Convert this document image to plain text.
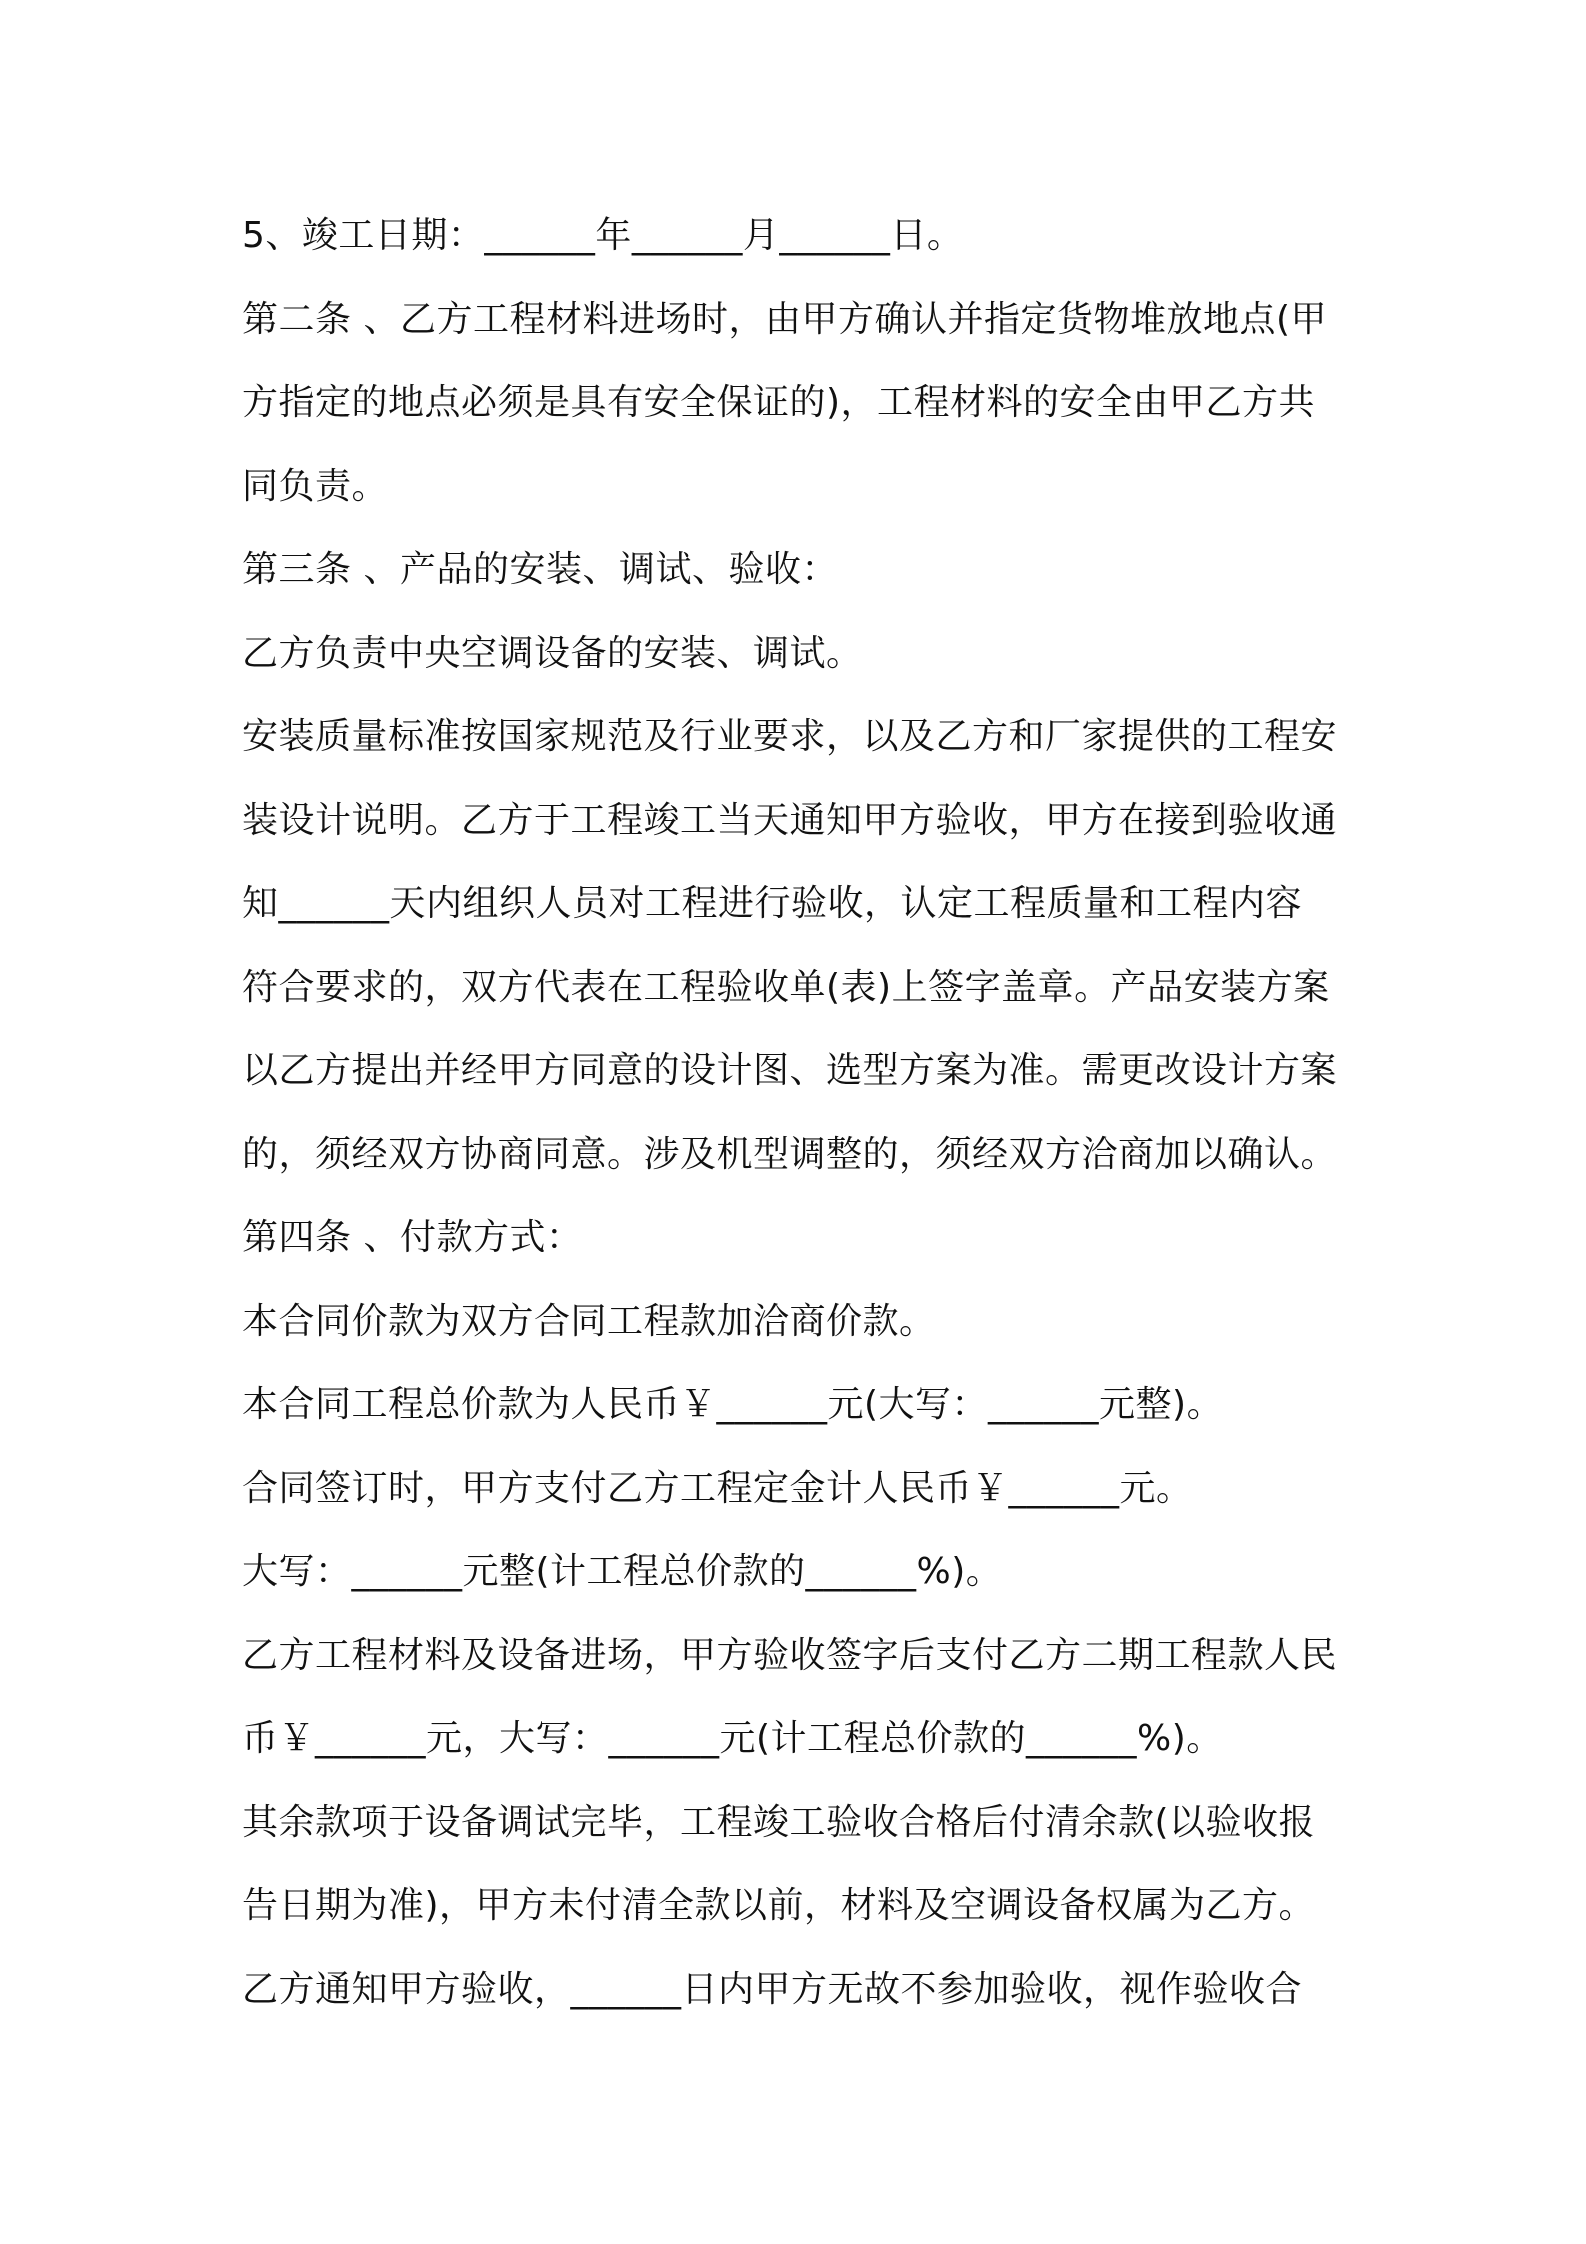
5、竣工日期：______年______月______日。
第二条 、乙方工程材料进场时，由甲方确认并指定货物堆放地点(甲
方指定的地点必须是具有安全保证的)，工程材料的安全由甲乙方共
同负责。
第三条 、产品的安装、调试、验收：
乙方负责中央空调设备的安装、调试。
安装质量标准按国家规范及行业要求，以及乙方和厂家提供的工程安
装设计说明。乙方于工程竣工当天通知甲方验收，甲方在接到验收通
知______天内组织人员对工程进行验收，认定工程质量和工程内容
符合要求的，双方代表在工程验收单(表)上签字盖章。产品安装方案
以乙方提出并经甲方同意的设计图、选型方案为准。需更改设计方案
的，须经双方协商同意。涉及机型调整的，须经双方洽商加以确认。
第四条 、付款方式：
本合同价款为双方合同工程款加洽商价款。
本合同工程总价款为人民币￥______元(大写：______元整)。
合同签订时，甲方支付乙方工程定金计人民币￥______元。
大写：______元整(计工程总价款的______%)。
乙方工程材料及设备进场，甲方验收签字后支付乙方二期工程款人民
币￥______元，大写：______元(计工程总价款的______%)。
其余款项于设备调试完毕，工程竣工验收合格后付清余款(以验收报
告日期为准)，甲方未付清全款以前，材料及空调设备权属为乙方。
乙方通知甲方验收，______日内甲方无故不参加验收，视作验收合
